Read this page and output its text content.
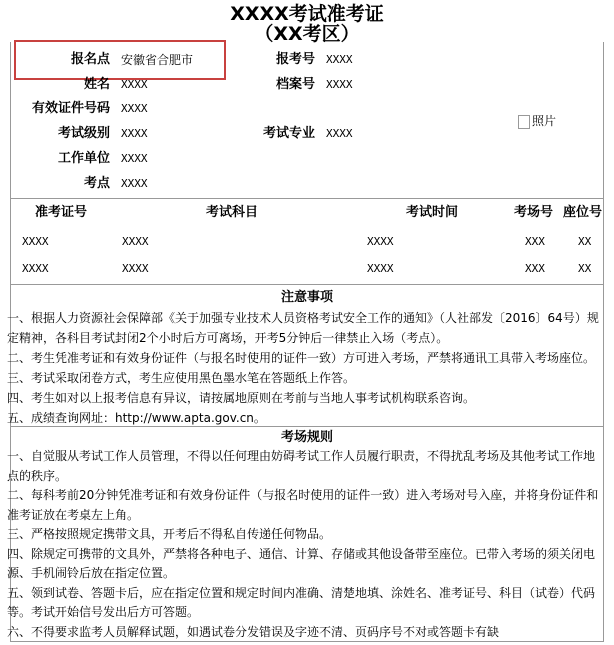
XXXX考试准考证
（XX考区）
报名点 安徽省合肥市
姓名 XXXX
有效证件号码 XXXX
考试级别 XXXX
工作单位 XXXX
考点 XXXX
报考号 XXXX
档案号 XXXX
考试专业 XXXX
照片
准考证号	考试科目	考试时间	考场号 座位号
XXXX	XXXX	XXXX	XXX	XX
XXXX	XXXX	XXXX	XXX	XX
注意事项
一、根据人力资源社会保障部《关于加强专业技术人员资格考试安全工作的通知》（人社部发〔2016〕64号）规
定精神，各科目考试封闭2个小时后方可离场，开考5分钟后一律禁止入场（考点）。
二、考生凭准考证和有效身份证件（与报名时使用的证件一致）方可进入考场，严禁将通讯工具带入考场座位。
三、考试采取闭卷方式，考生应使用黑色墨水笔在答题纸上作答。
四、考生如对以上报考信息有异议，请按属地原则在考前与当地人事考试机构联系咨询。
五、成绩查询网址：http://www.apta.gov.cn。
考场规则
一、自觉服从考试工作人员管理，不得以任何理由妨碍考试工作人员履行职责，不得扰乱考场及其他考试工作地
点的秩序。
二、每科考前20分钟凭准考证和有效身份证件（与报名时使用的证件一致）进入考场对号入座，并将身份证件和
准考证放在考桌左上角。
三、严格按照规定携带文具，开考后不得私自传递任何物品。
四、除规定可携带的文具外，严禁将各种电子、通信、计算、存储或其他设备带至座位。已带入考场的须关闭电
源、手机闹铃后放在指定位置。
五、领到试卷、答题卡后，应在指定位置和规定时间内准确、清楚地填、涂姓名、准考证号、科目（试卷）代码
等。考试开始信号发出后方可答题。
六、不得要求监考人员解释试题，如遇试卷分发错误及字迹不清、页码序号不对或答题卡有缺
